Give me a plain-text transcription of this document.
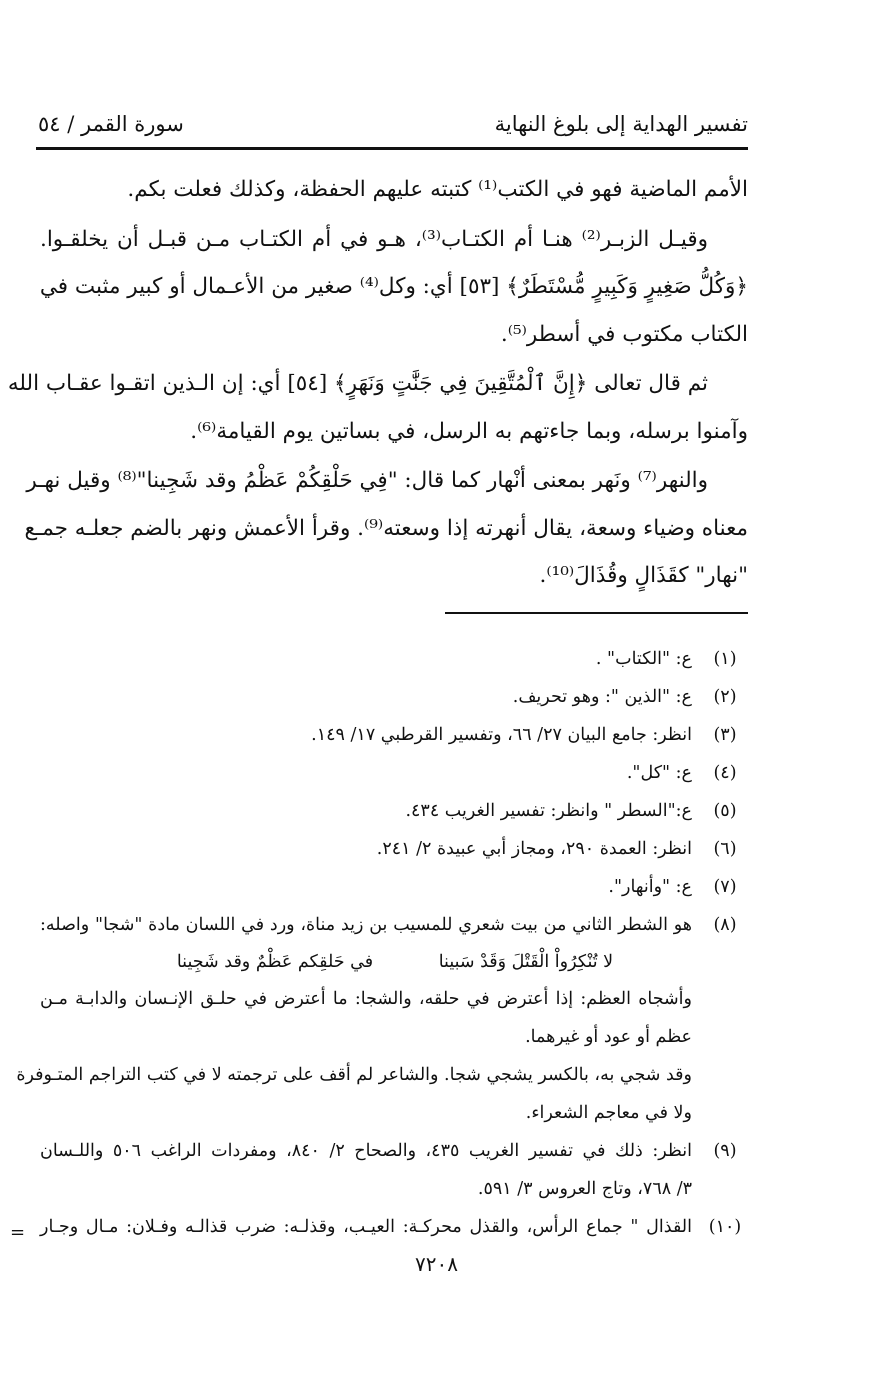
تفسير الهداية إلى بلوغ النهاية
سورة القمر / ٥٤

الأمم الماضية فهو في الكتب⁽¹⁾ كتبته عليهم الحفظة، وكذلك فعلت بكم.

وقيـل الزبـر⁽²⁾ هنـا أم الكتـاب⁽³⁾، هـو في أم الكتـاب مـن قبـل أن يخلقـوا.
﴿وَكُلُّ صَغِيرٍ وَكَبِيرٍ مُّسْتَطَرٌ﴾ [٥٣] أي: وكل⁽⁴⁾ صغير من الأعـمال أو كبير مثبت في
الكتاب مكتوب في أسطر⁽⁵⁾.

ثم قال تعالى ﴿إِنَّ ٱلْمُتَّقِينَ فِي جَنَّٰتٍ وَنَهَرٍ﴾ [٥٤] أي: إن الـذين اتقـوا عقـاب الله
وآمنوا برسله، وبما جاءتهم به الرسل، في بساتين يوم القيامة⁽⁶⁾.

والنهر⁽⁷⁾ ونَهر بمعنى أنْهار كما قال: "فِي حَلْقِكُمْ عَظْمُ وقد شَجِينا"⁽⁸⁾ وقيل نهـر
معناه وضياء وسعة، يقال أنهرته إذا وسعته⁽⁹⁾. وقرأ الأعمش ونهر بالضم جعلـه جمـع
"نهار" كقَذَالٍ وقُذَالَ⁽¹⁰⁾.

(١)
ع: "الكتاب" .
(٢)
ع: "الذين ": وهو تحريف.
(٣)
انظر: جامع البيان ٢٧/ ٦٦، وتفسير القرطبي ١٧/ ١٤٩.
(٤)
ع: "كل".
(٥)
ع:"السطر " وانظر: تفسير الغريب ٤٣٤.
(٦)
انظر: العمدة ٢٩٠، ومجاز أبي عبيدة ٢/ ٢٤١.
(٧)
ع: "وأنهار".
(٨)
هو الشطر الثاني من بيت شعري للمسيب بن زيد مناة، ورد في اللسان مادة "شجا" واصله:
لا تُنْكِرُواْ الْقَتْلَ وَقَدْ سَبينا في حَلقِكم عَظْمٌ وقد شَجِينا
وأشجاه العظم: إذا أعترض في حلقه، والشجا: ما أعترض في حلـق الإنـسان والدابـة مـن
عظم أو عود أو غيرهما.
وقد شجي به، بالكسر يشجي شجا. والشاعر لم أقف على ترجمته لا في كتب التراجم المتـوفرة
ولا في معاجم الشعراء.
(٩)
انظر: ذلك في تفسير الغريب ٤٣٥، والصحاح ٢/ ٨٤٠، ومفردات الراغب ٥٠٦ واللـسان
٣/ ٧٦٨، وتاج العروس ٣/ ٥٩١.
(١٠)
القذال " جماع الرأس، والقذل محركـة: العيـب، وقذلـه: ضرب قذالـه وفـلان: مـال وجـار
=
٧٢٠٨
